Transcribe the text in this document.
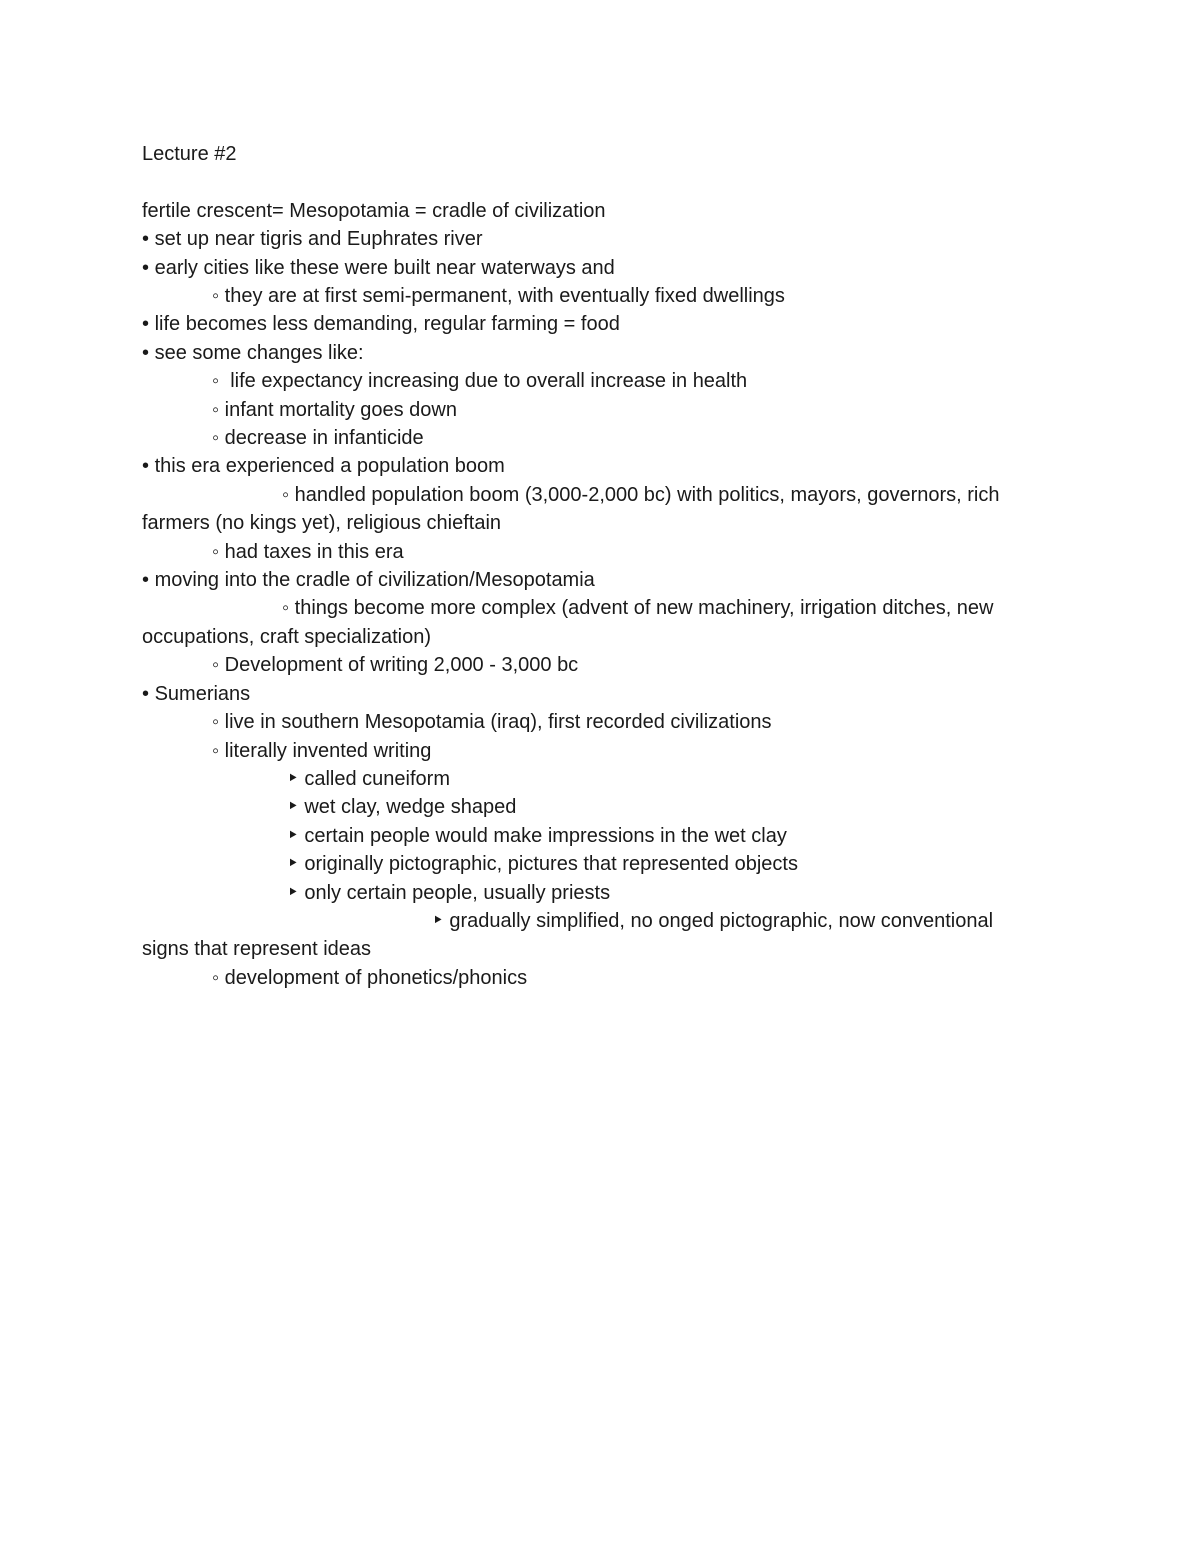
Lecture #2

fertile crescent= Mesopotamia = cradle of civilization

• set up near tigris and Euphrates river

• early cities like these were built near waterways and

◦ they are at first semi-permanent, with eventually fixed dwellings

• life becomes less demanding, regular farming = food

• see some changes like:

◦  life expectancy increasing due to overall increase in health

◦ infant mortality goes down

◦ decrease in infanticide

• this era experienced a population boom

◦ handled population boom (3,000-2,000 bc) with politics, mayors, governors, rich farmers (no kings yet), religious chieftain

◦ had taxes in this era

• moving into the cradle of civilization/Mesopotamia

◦ things become more complex (advent of new machinery, irrigation ditches, new occupations, craft specialization)

◦ Development of writing 2,000 - 3,000 bc

• Sumerians

◦ live in southern Mesopotamia (iraq), first recorded civilizations

◦ literally invented writing

‣ called cuneiform

‣ wet clay, wedge shaped

‣ certain people would make impressions in the wet clay

‣ originally pictographic, pictures that represented objects

‣ only certain people, usually priests

‣ gradually simplified, no onged pictographic, now conventional signs that represent ideas

◦ development of phonetics/phonics
